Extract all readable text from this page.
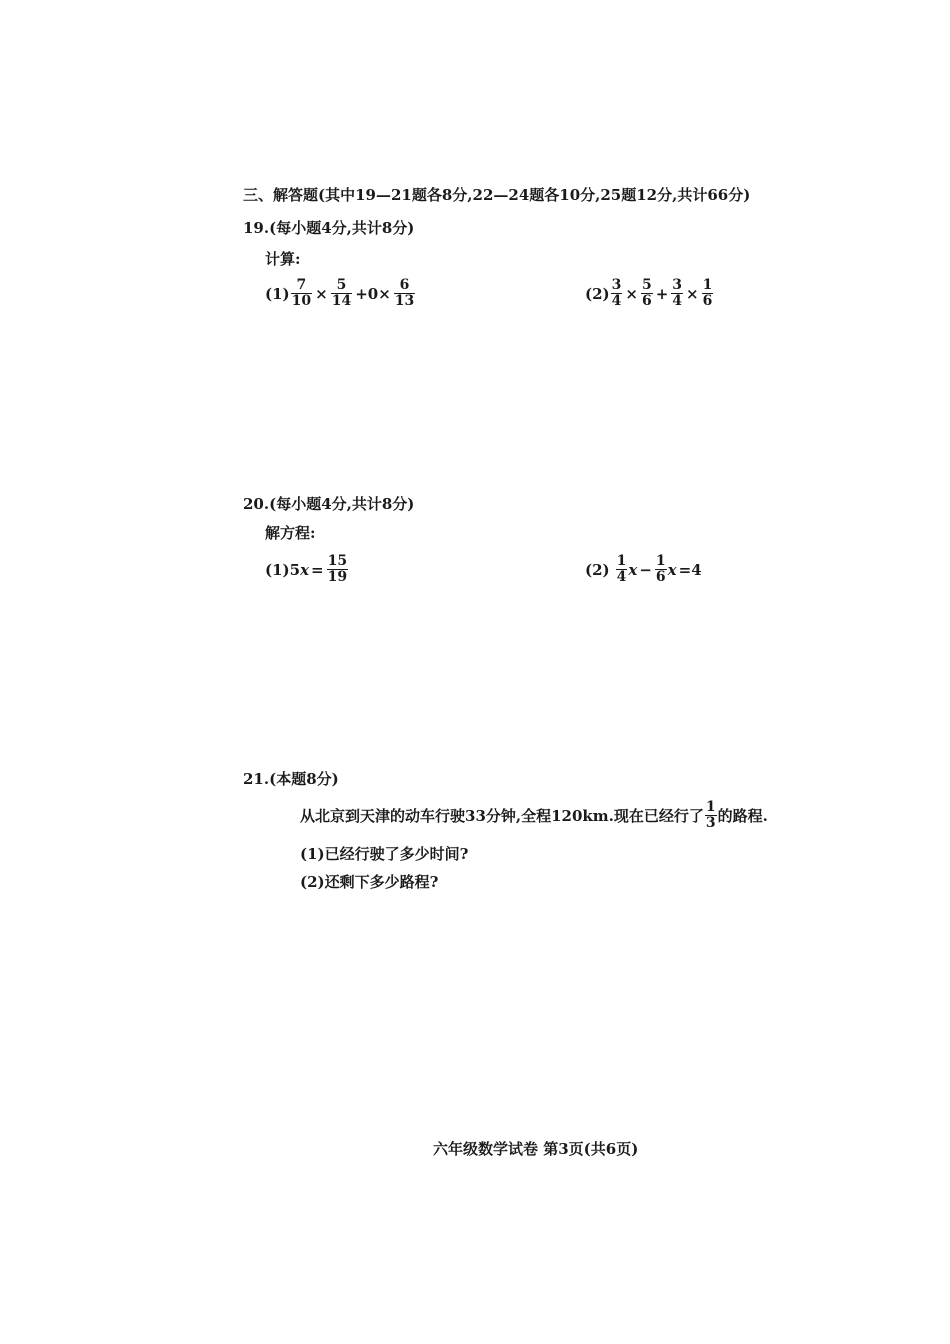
三、解答题(其中19—21题各8分,22—24题各10分,25题12分,共计66分)
19.(每小题4分,共计8分)
计算:
$(1) \frac{7}{10} \times \frac{5}{14} +0\times \frac{6}{13}$	$(2) \frac{3}{4} \times \frac{5}{6} + \frac{3}{4} \times \frac{1}{6}$
20.(每小题4分,共计8分)
解方程:
$(1)5x = \frac{15}{19}$	$(2) \frac{1}{4}$ $x - \frac{1}{6}$ x =4
21.(本题8分)
从北京到天津的动车行驶33分钟,全程120km.现在已经行了 $\frac{1}{3}$ 的路程.
(1)已经行驶了多少时间?
(2)还剩下多少路程?
六年级数学试卷 第3页(共6页)
